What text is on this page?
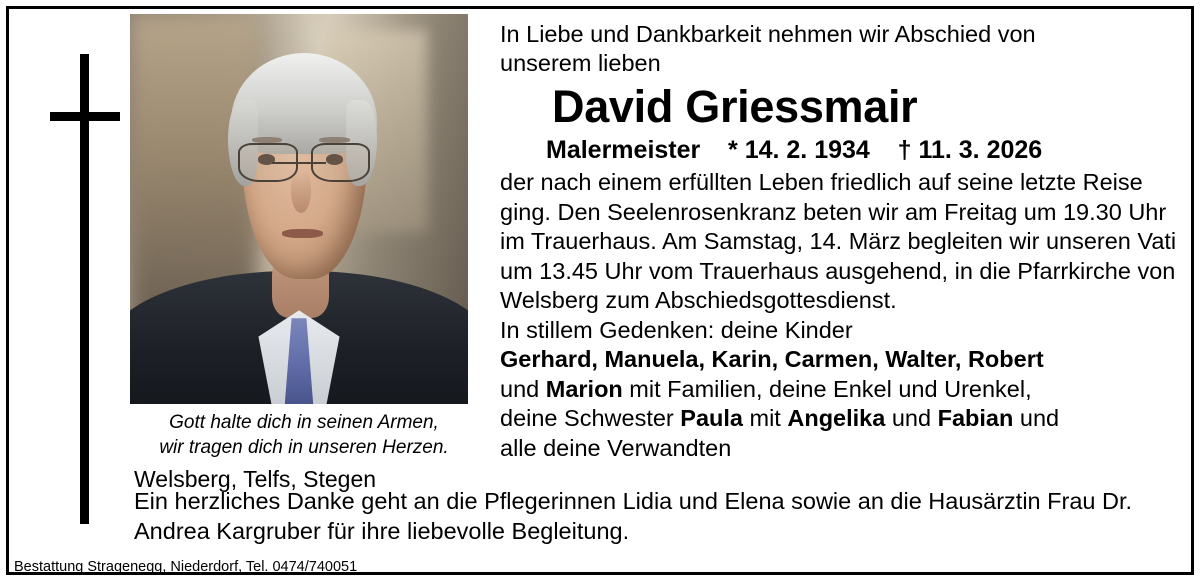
Gott halte dich in seinen Armen,
wir tragen dich in unseren Herzen.
Welsberg, Telfs, Stegen
In Liebe und Dankbarkeit nehmen wir Abschied von
unserem lieben
David Griessmair
Malermeister    * 14. 2. 1934    † 11. 3. 2026
der nach einem erfüllten Leben friedlich auf seine letzte Reise ging. Den Seelenrosenkranz beten wir am Freitag um 19.30 Uhr im Trauerhaus. Am Samstag, 14. März begleiten wir unseren Vati um 13.45 Uhr vom Trauerhaus ausgehend, in die Pfarrkirche von Welsberg zum Abschiedsgottesdienst.
In stillem Gedenken: deine Kinder
Gerhard, Manuela, Karin, Carmen, Walter, Robert
und Marion mit Familien, deine Enkel und Urenkel,
deine Schwester Paula mit Angelika und Fabian und
alle deine Verwandten
Ein herzliches Danke geht an die Pflegerinnen Lidia und Elena sowie an die Hausärztin Frau Dr. Andrea Kargruber für ihre liebevolle Begleitung.
Bestattung Stragenegg, Niederdorf, Tel. 0474/740051
